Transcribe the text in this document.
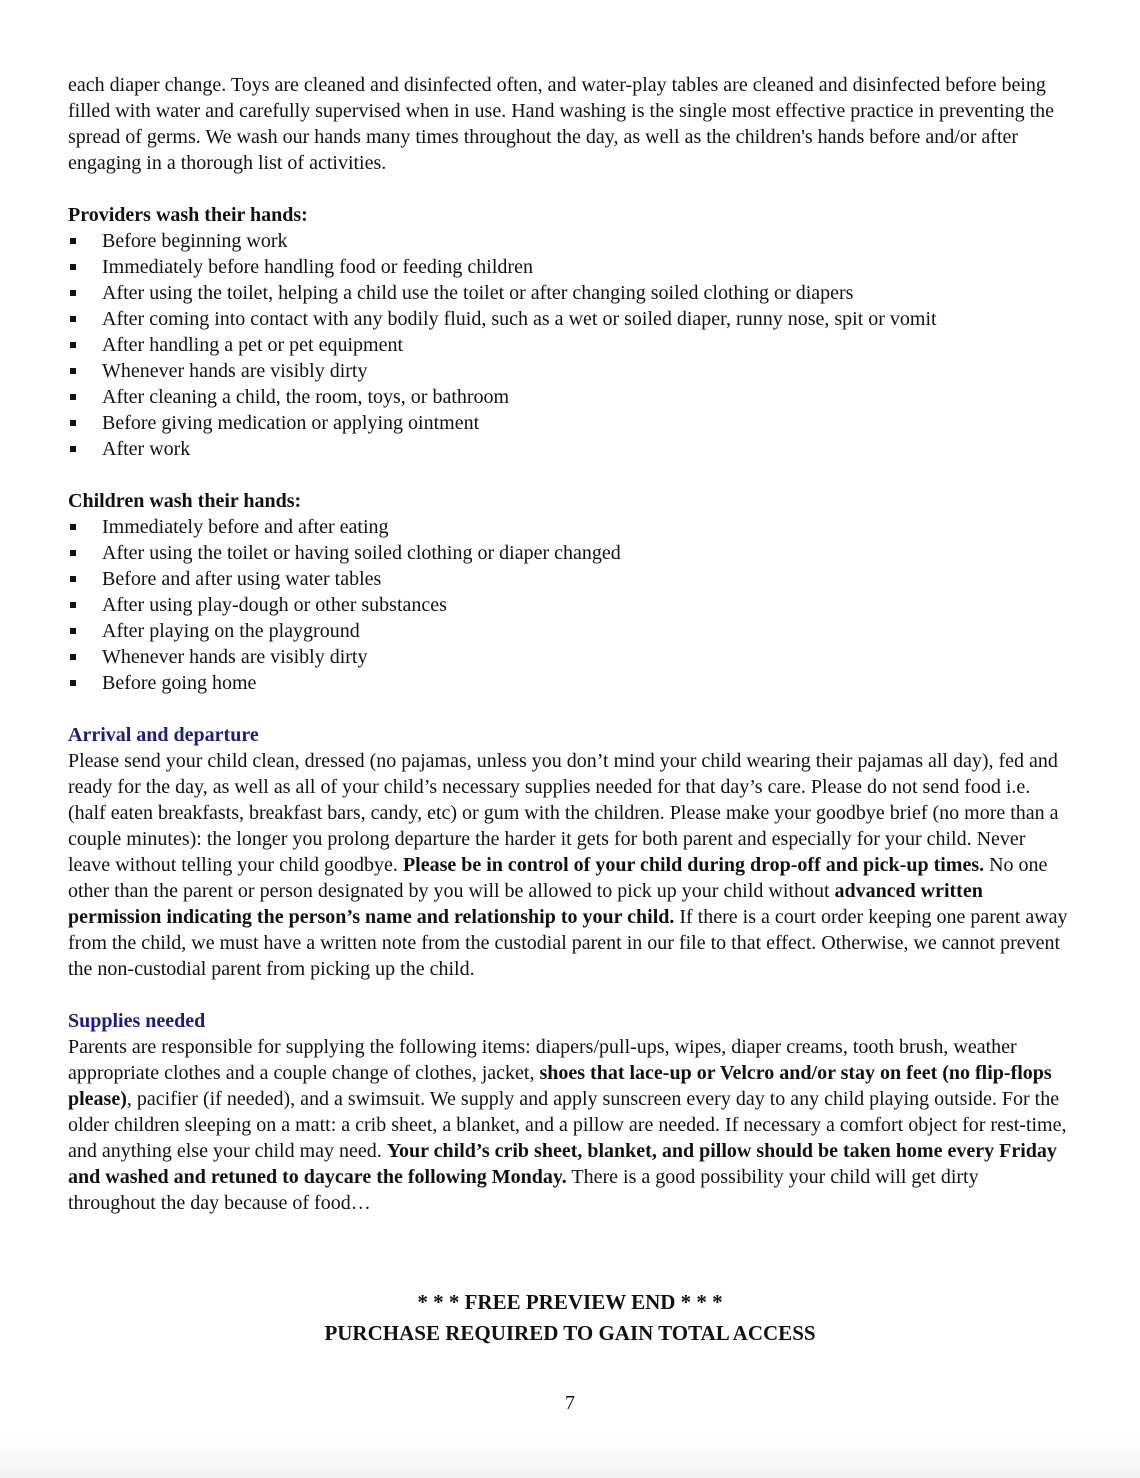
each diaper change. Toys are cleaned and disinfected often, and water-play tables are cleaned and disinfected before being filled with water and carefully supervised when in use. Hand washing is the single most effective practice in preventing the spread of germs. We wash our hands many times throughout the day, as well as the children's hands before and/or after engaging in a thorough list of activities.

Providers wash their hands:

Before beginning work
Immediately before handling food or feeding children
After using the toilet, helping a child use the toilet or after changing soiled clothing or diapers
After coming into contact with any bodily fluid, such as a wet or soiled diaper, runny nose, spit or vomit
After handling a pet or pet equipment
Whenever hands are visibly dirty
After cleaning a child, the room, toys, or bathroom
Before giving medication or applying ointment
After work

Children wash their hands:

Immediately before and after eating
After using the toilet or having soiled clothing or diaper changed
Before and after using water tables
After using play-dough or other substances
After playing on the playground
Whenever hands are visibly dirty
Before going home

Arrival and departure

Please send your child clean, dressed (no pajamas, unless you don’t mind your child wearing their pajamas all day), fed and ready for the day, as well as all of your child’s necessary supplies needed for that day’s care. Please do not send food i.e. (half eaten breakfasts, breakfast bars, candy, etc) or gum with the children. Please make your goodbye brief (no more than a couple minutes): the longer you prolong departure the harder it gets for both parent and especially for your child. Never leave without telling your child goodbye. Please be in control of your child during drop-off and pick-up times. No one other than the parent or person designated by you will be allowed to pick up your child without advanced written permission indicating the person’s name and relationship to your child. If there is a court order keeping one parent away from the child, we must have a written note from the custodial parent in our file to that effect. Otherwise, we cannot prevent the non-custodial parent from picking up the child.

Supplies needed

Parents are responsible for supplying the following items: diapers/pull-ups, wipes, diaper creams, tooth brush, weather appropriate clothes and a couple change of clothes, jacket, shoes that lace-up or Velcro and/or stay on feet (no flip-flops please), pacifier (if needed), and a swimsuit. We supply and apply sunscreen every day to any child playing outside. For the older children sleeping on a matt: a crib sheet, a blanket, and a pillow are needed. If necessary a comfort object for rest-time, and anything else your child may need. Your child’s crib sheet, blanket, and pillow should be taken home every Friday and washed and retuned to daycare the following Monday. There is a good possibility your child will get dirty throughout the day because of food…

* * * FREE PREVIEW END * * *
PURCHASE REQUIRED TO GAIN TOTAL ACCESS
7
